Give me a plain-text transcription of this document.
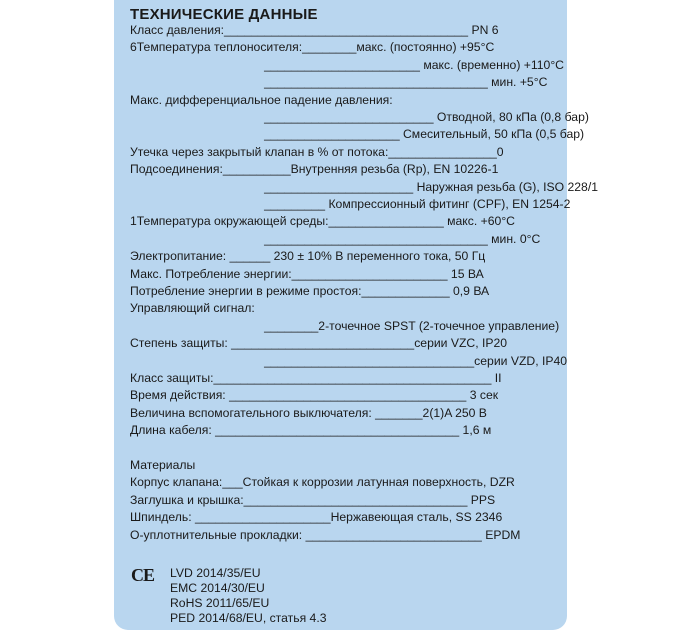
ТЕХНИЧЕСКИЕ ДАННЫЕ
Класс давления:____________________________________ PN 6
6Температура теплоносителя:________макс. (постоянно) +95°C
           _______________________ макс. (временно) +110°C
           _________________________________ мин. +5°C
Макс. дифференциальное падение давления:
           _________________________ Отводной, 80 кПа (0,8 бар)
           ____________________ Смесительный, 50 кПа (0,5 бар)
Утечка через закрытый клапан в % от потока:________________0
Подсоединения:__________Внутренняя резьба (Rp), EN 10226-1
           ______________________ Наружная резьба (G), ISO 228/1
           _________ Компрессионный фитинг (CPF), EN 1254-2
1Температура окружающей среды:_________________ макс. +60°C
           _________________________________ мин. 0°C
Электропитание: ______ 230 ± 10% В переменного тока, 50 Гц
Макс. Потребление энергии:_______________________ 15 ВА
Потребление энергии в режиме простоя:_____________ 0,9 ВА
Управляющий сигнал:
           ________2-точечное SPST (2-точечное управление)
Степень защиты: ___________________________серии VZC, IP20
           _______________________________серии VZD, IP40
Класс защиты:_________________________________________ II
Время действия: ___________________________________ 3 сек
Величина вспомогательного выключателя: _______2(1)A 250 В
Длина кабеля: ____________________________________ 1,6 м
Материалы
Корпус клапана:___Стойкая к коррозии латунная поверхность, DZR
Заглушка и крышка:_________________________________ PPS
Шпиндель: ____________________Нержавеющая сталь, SS 2346
О-уплотнительные прокладки: __________________________ EPDM
CE LVD 2014/35/EU
EMC 2014/30/EU
RoHS 2011/65/EU
PED 2014/68/EU, статья 4.3
